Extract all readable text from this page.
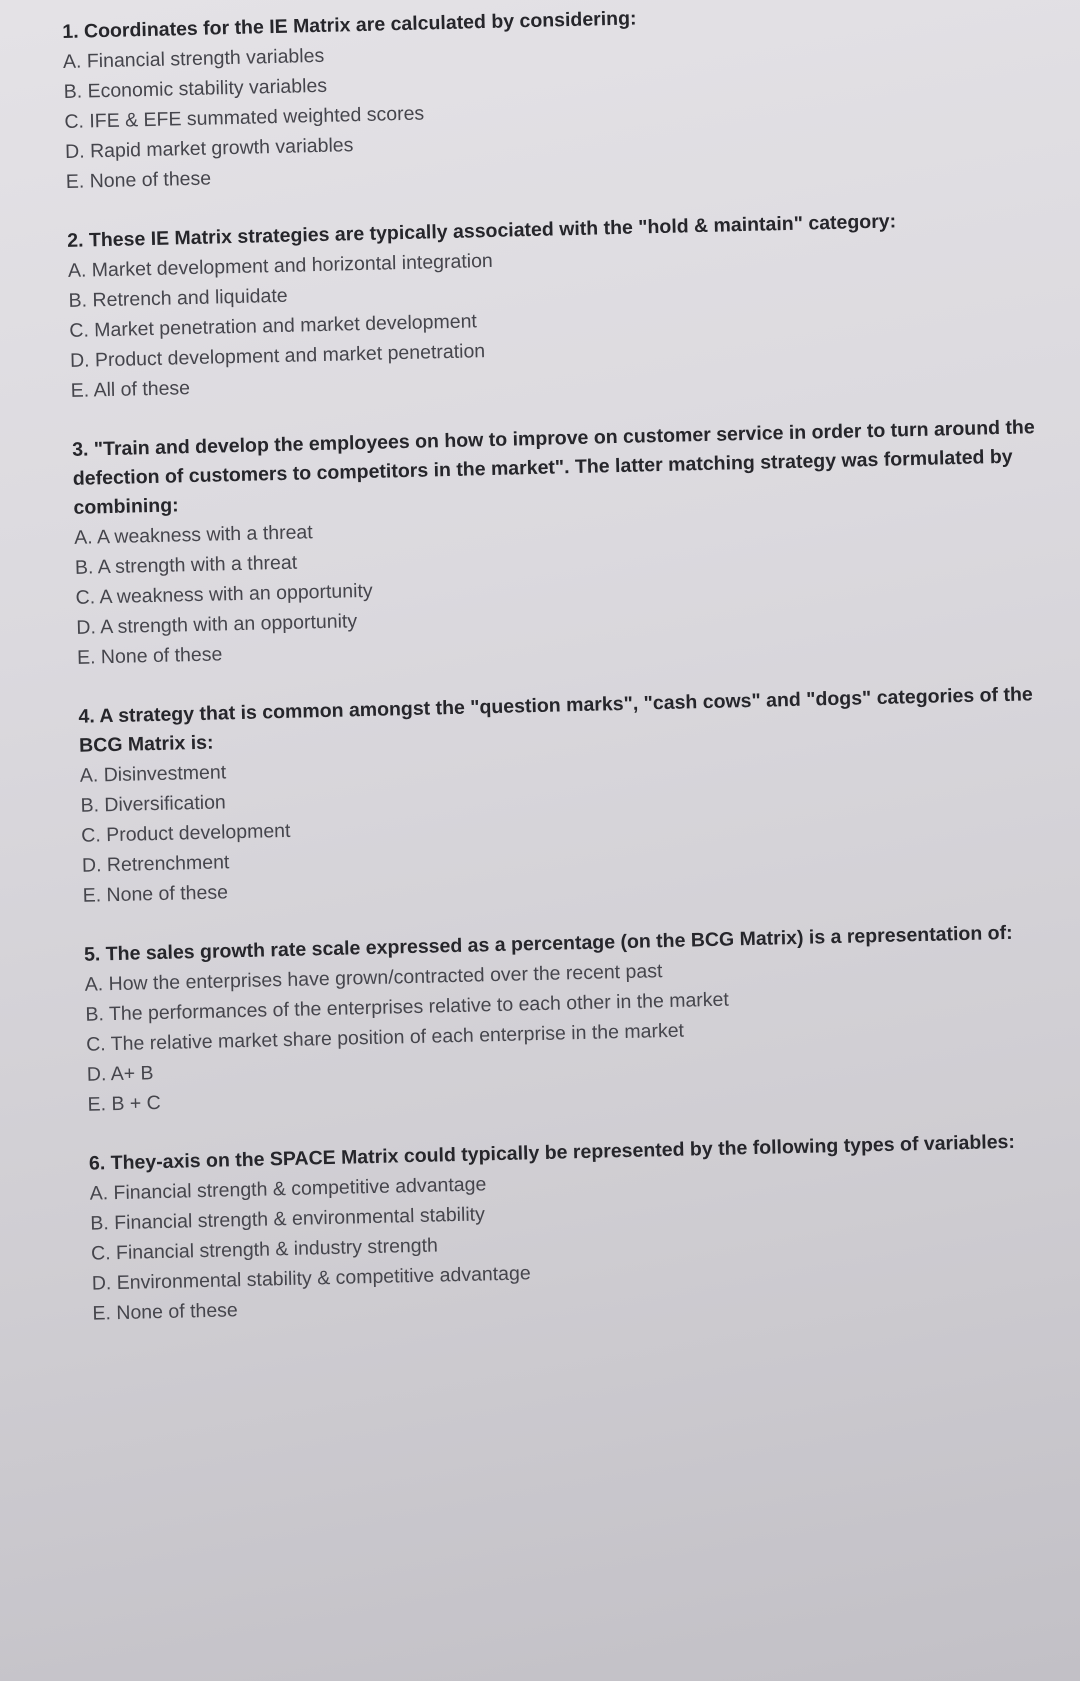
1. Coordinates for the IE Matrix are calculated by considering:

A. Financial strength variables

B. Economic stability variables

C. IFE & EFE summated weighted scores

D. Rapid market growth variables

E. None of these

2. These IE Matrix strategies are typically associated with the "hold & maintain" category:

A. Market development and horizontal integration

B. Retrench and liquidate

C. Market penetration and market development

D. Product development and market penetration

E. All of these

3. "Train and develop the employees on how to improve on customer service in order to turn around the defection of customers to competitors in the market". The latter matching strategy was formulated by combining:

A. A weakness with a threat

B. A strength with a threat

C. A weakness with an opportunity

D. A strength with an opportunity

E. None of these

4. A strategy that is common amongst the "question marks", "cash cows" and "dogs" categories of the BCG Matrix is:

A. Disinvestment

B. Diversification

C. Product development

D. Retrenchment

E. None of these

5. The sales growth rate scale expressed as a percentage (on the BCG Matrix) is a representation of:

A. How the enterprises have grown/contracted over the recent past

B. The performances of the enterprises relative to each other in the market

C. The relative market share position of each enterprise in the market

D. A+ B

E. B + C

6. They-axis on the SPACE Matrix could typically be represented by the following types of variables:

A. Financial strength & competitive advantage

B. Financial strength & environmental stability

C. Financial strength & industry strength

D. Environmental stability & competitive advantage

E. None of these
